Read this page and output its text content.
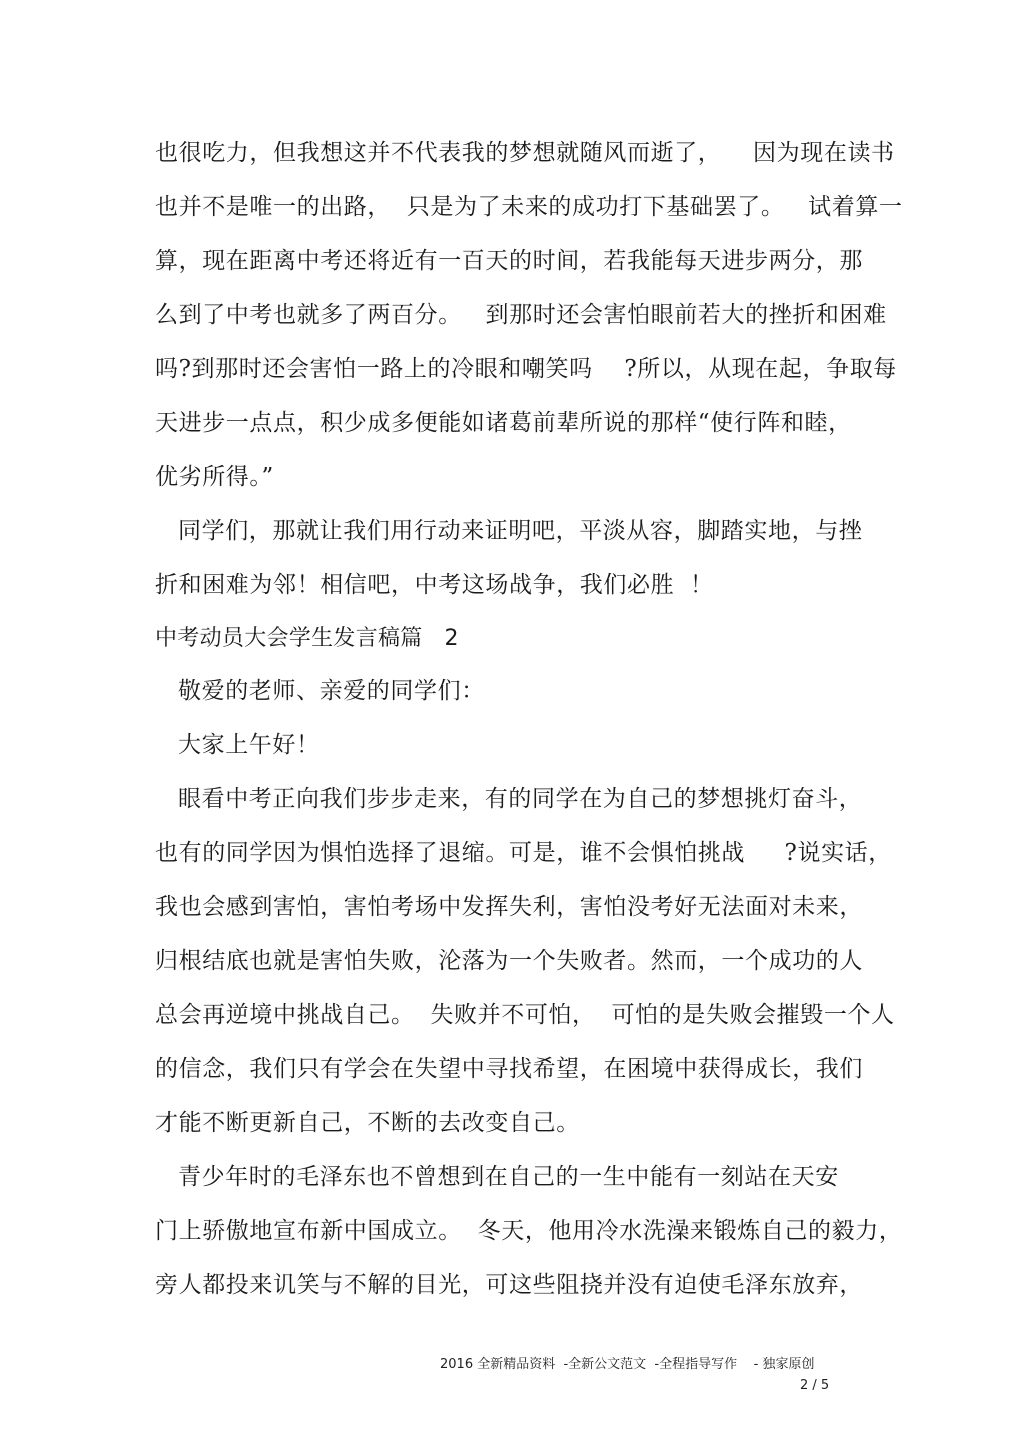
也很吃力，但我想这并不代表我的梦想就随风而逝了，    因为现在读书
也并不是唯一的出路，  只是为了未来的成功打下基础罢了。   试着算一
算，现在距离中考还将近有一百天的时间，若我能每天进步两分，那
么到了中考也就多了两百分。   到那时还会害怕眼前若大的挫折和困难
吗?到那时还会害怕一路上的冷眼和嘲笑吗    ?所以，从现在起，争取每
天进步一点点，积少成多便能如诸葛前辈所说的那样“使行阵和睦，
优劣所得。”
同学们，那就让我们用行动来证明吧，平淡从容，脚踏实地，与挫
折和困难为邻！相信吧，中考这场战争，我们必胜  ！
中考动员大会学生发言稿篇   2
敬爱的老师、亲爱的同学们：
大家上午好！
眼看中考正向我们步步走来，有的同学在为自己的梦想挑灯奋斗，
也有的同学因为惧怕选择了退缩。可是，谁不会惧怕挑战     ?说实话，
我也会感到害怕，害怕考场中发挥失利，害怕没考好无法面对未来，
归根结底也就是害怕失败，沦落为一个失败者。然而，一个成功的人
总会再逆境中挑战自己。  失败并不可怕，  可怕的是失败会摧毁一个人
的信念，我们只有学会在失望中寻找希望，在困境中获得成长，我们
才能不断更新自己，不断的去改变自己。
青少年时的毛泽东也不曾想到在自己的一生中能有一刻站在天安
门上骄傲地宣布新中国成立。  冬天，他用冷水洗澡来锻炼自己的毅力，
旁人都投来讥笑与不解的目光，可这些阻挠并没有迫使毛泽东放弃，
2016 全新精品资料  -全新公文范文  -全程指导写作    - 独家原创
2 / 5
